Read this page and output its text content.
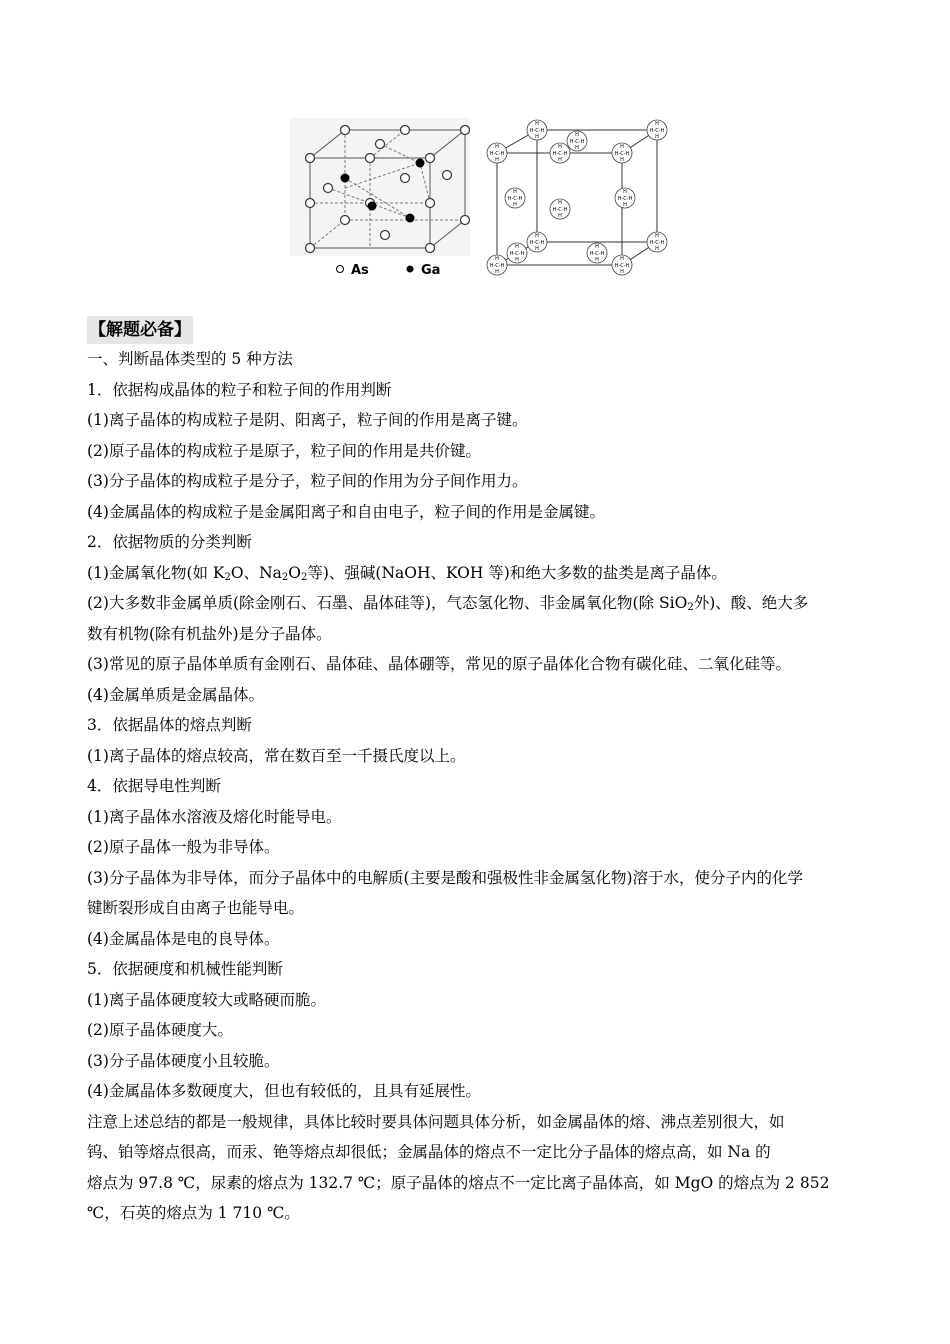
As	Ga
H-C-H
H
H
H-C-H
H
H
H-C-H
H
H
H-C-H
H
H
H-C-H
H
H
H-C-H
H
H
H-C-H
H
H
H-C-H
H
H
H-C-H
H
H
H-C-H
H
H
H-C-H
H
H
H-C-H
H
H
H-C-H
H
H
H-C-H
H
H
H-C-H
H
H
【解题必备】
一、判断晶体类型的 5 种方法
1．依据构成晶体的粒子和粒子间的作用判断
(1)离子晶体的构成粒子是阴、阳离子，粒子间的作用是离子键。
(2)原子晶体的构成粒子是原子，粒子间的作用是共价键。
(3)分子晶体的构成粒子是分子，粒子间的作用为分子间作用力。
(4)金属晶体的构成粒子是金属阳离子和自由电子，粒子间的作用是金属键。
2．依据物质的分类判断
(1)金属氧化物(如 $K_2O$、$Na_2O_2$等)、强碱(NaOH、KOH 等)和绝大多数的盐类是离子晶体。
(2)大多数非金属单质(除金刚石、石墨、晶体硅等)，气态氢化物、非金属氧化物(除 SiO$_2$外)、酸、绝大多
数有机物(除有机盐外)是分子晶体。
(3)常见的原子晶体单质有金刚石、晶体硅、晶体硼等，常见的原子晶体化合物有碳化硅、二氧化硅等。
(4)金属单质是金属晶体。
3．依据晶体的熔点判断
(1)离子晶体的熔点较高，常在数百至一千摄氏度以上。
4．依据导电性判断
(1)离子晶体水溶液及熔化时能导电。
(2)原子晶体一般为非导体。
(3)分子晶体为非导体，而分子晶体中的电解质(主要是酸和强极性非金属氢化物)溶于水，使分子内的化学
键断裂形成自由离子也能导电。
(4)金属晶体是电的良导体。
5．依据硬度和机械性能判断
(1)离子晶体硬度较大或略硬而脆。
(2)原子晶体硬度大。
(3)分子晶体硬度小且较脆。
(4)金属晶体多数硬度大，但也有较低的，且具有延展性。
注意上述总结的都是一般规律，具体比较时要具体问题具体分析，如金属晶体的熔、沸点差别很大，如
钨、铂等熔点很高，而汞、铯等熔点却很低；金属晶体的熔点不一定比分子晶体的熔点高，如 Na 的
熔点为 97.8 ℃，尿素的熔点为 132.7 ℃；原子晶体的熔点不一定比离子晶体高，如 MgO 的熔点为 2 852
℃，石英的熔点为 1 710 ℃。
